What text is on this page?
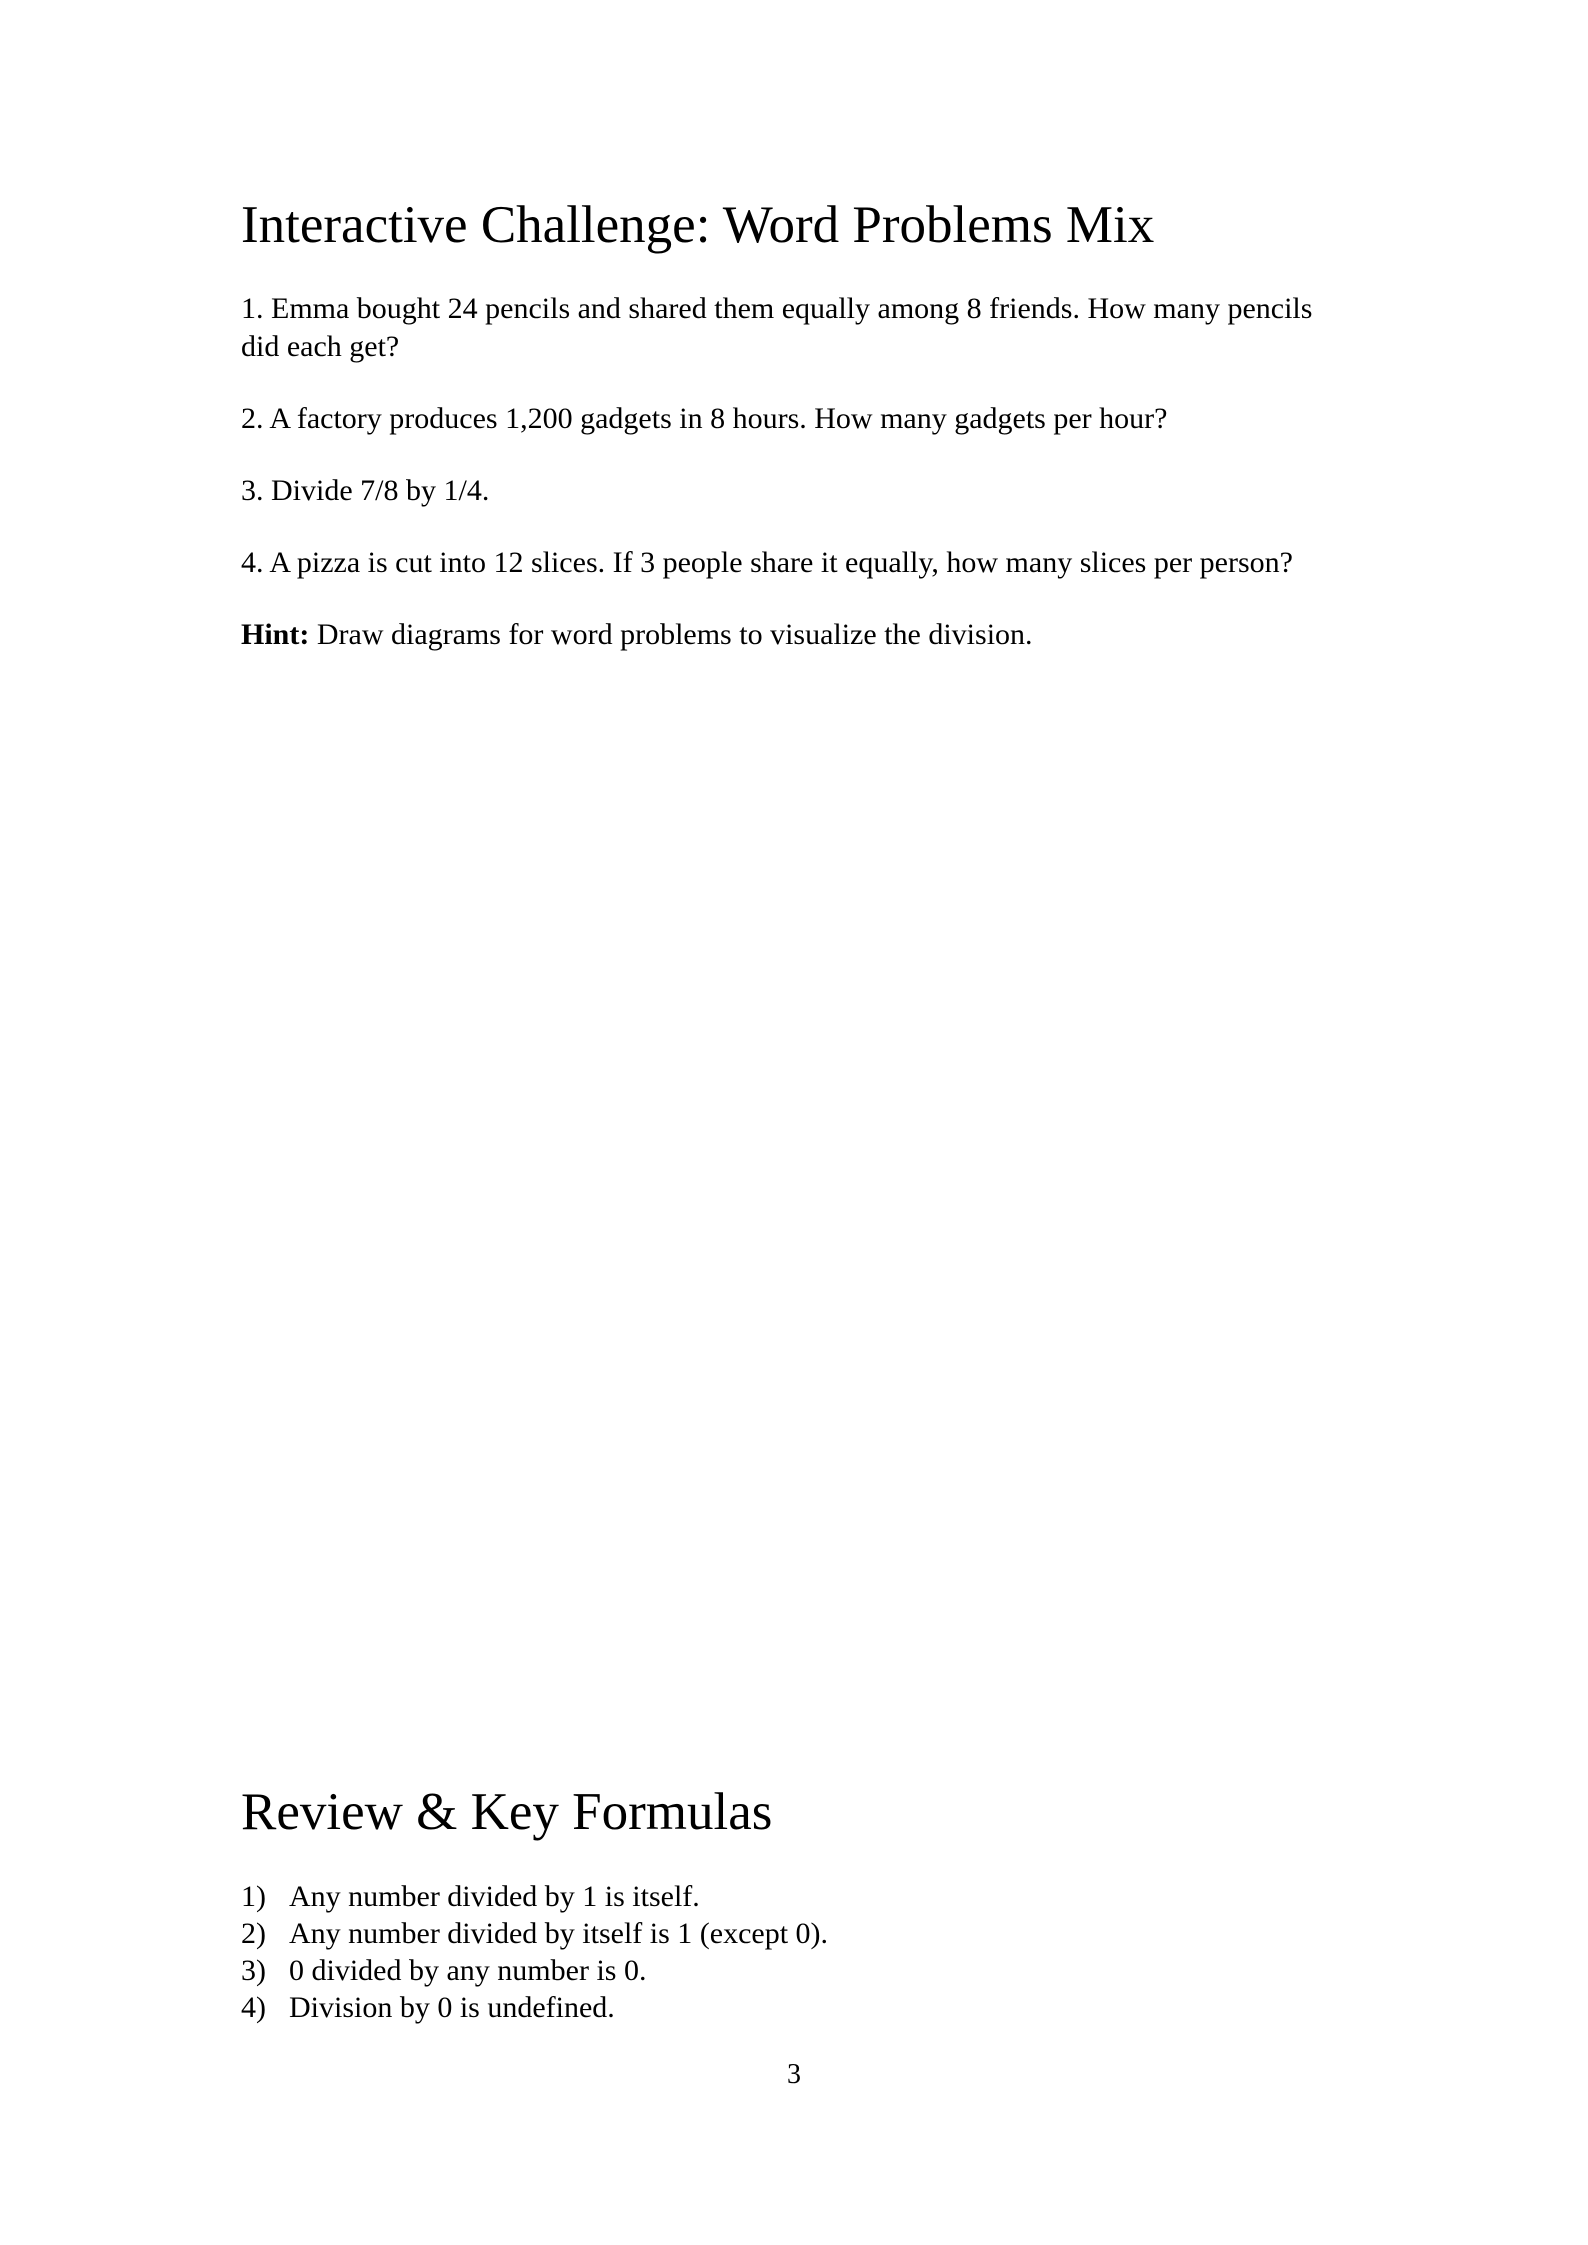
Interactive Challenge: Word Problems Mix

1. Emma bought 24 pencils and shared them equally among 8 friends. How many pencils did each get?

2. A factory produces 1,200 gadgets in 8 hours. How many gadgets per hour?

3. Divide 7/8 by 1/4.

4. A pizza is cut into 12 slices. If 3 people share it equally, how many slices per person?

Hint: Draw diagrams for word problems to visualize the division.

Review & Key Formulas
1) Any number divided by 1 is itself.
2) Any number divided by itself is 1 (except 0).
3) 0 divided by any number is 0.
4) Division by 0 is undefined.
3
